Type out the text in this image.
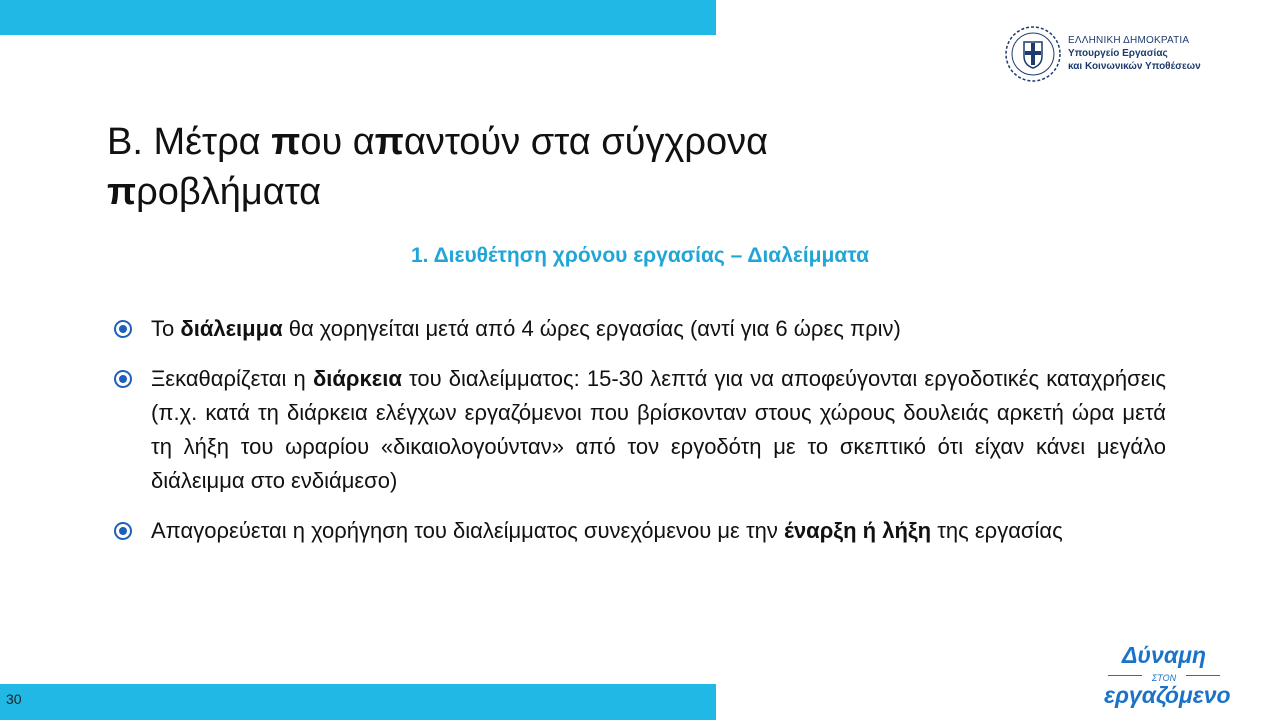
ΕΛΛΗΝΙΚΗ ΔΗΜΟΚΡΑΤΙΑ
Υπουργείο Εργασίας
και Κοινωνικών Υποθέσεων
Β. Μέτρα που απαντούν στα σύγχρονα
προβλήματα
1. Διευθέτηση χρόνου εργασίας – Διαλείμματα
Το διάλειμμα θα χορηγείται μετά από 4 ώρες εργασίας (αντί για 6 ώρες πριν)
Ξεκαθαρίζεται η διάρκεια του διαλείμματος: 15-30 λεπτά για να αποφεύγονται εργοδοτικές καταχρήσεις (π.χ. κατά τη διάρκεια ελέγχων εργαζόμενοι που βρίσκονταν στους χώρους δουλειάς αρκετή ώρα μετά τη λήξη του ωραρίου «δικαιολογούνταν» από τον εργοδότη με το σκεπτικό ότι είχαν κάνει μεγάλο διάλειμμα στο ενδιάμεσο)
Απαγορεύεται η χορήγηση του διαλείμματος συνεχόμενου με την έναρξη ή λήξη της εργασίας
Δύναμη
ΣΤΟΝ
εργαζόμενο
30
